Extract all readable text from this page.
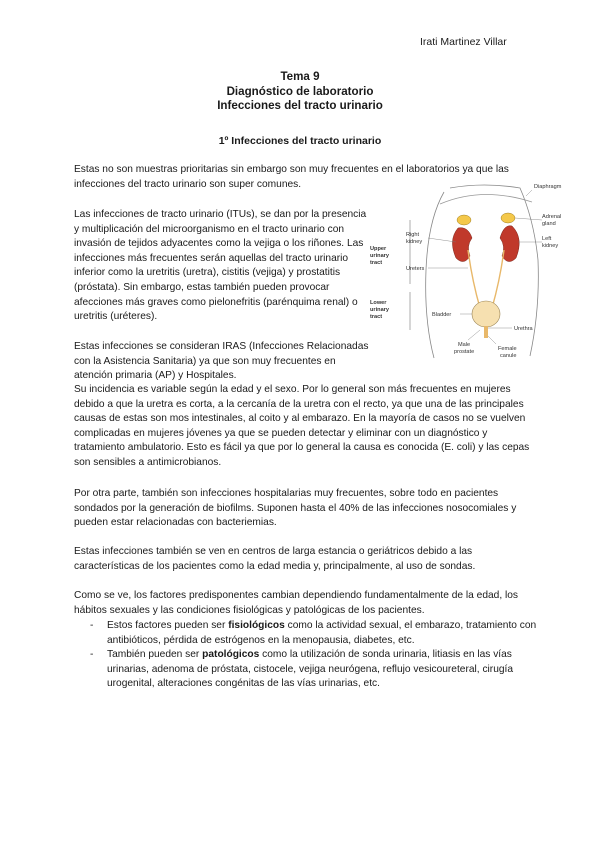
Irati Martinez Villar
Tema 9
Diagnóstico de laboratorio
Infecciones del tracto urinario
1º Infecciones del tracto urinario
Estas no son muestras prioritarias sin embargo son muy frecuentes en el laboratorios ya que las infecciones del tracto urinario son super comunes.
Las infecciones de tracto urinario (ITUs), se dan por la presencia y multiplicación del microorganismo en el tracto urinario con invasión de tejidos adyacentes como la vejiga o los riñones. Las infecciones más frecuentes serán aquellas del tracto urinario inferior como la uretritis (uretra), cistitis (vejiga) y prostatitis (próstata). Sin embargo, estas también pueden provocar afecciones más graves como pielonefritis (parénquima renal) o uretritis (uréteres).
Estas infecciones se consideran IRAS (Infecciones Relacionadas con la Asistencia Sanitaria) ya que son muy frecuentes en atención primaria (AP) y Hospitales.
Su incidencia es variable según la edad y el sexo. Por lo general son más frecuentes en mujeres debido a que la uretra es corta, a la cercanía de la uretra con el recto, ya que una de las principales causas de estas son mos intestinales, al coito y al embarazo. En la mayoría de casos no se vuelven complicadas en mujeres jóvenes ya que se pueden detectar y eliminar con un diagnóstico y tratamiento ambulatorio. Esto es fácil ya que por lo general la causa es conocida (E. coli) y las cepas son sensibles a antimicrobianos.
Por otra parte, también son infecciones hospitalarias muy frecuentes, sobre todo en pacientes sondados por la generación de biofilms. Suponen hasta el 40% de las infecciones nosocomiales y pueden estar relacionadas con bacteriemias.
Estas infecciones también se ven en centros de larga estancia o geriátricos debido a las características de los pacientes como la edad media y, principalmente, al uso de sondas.
Como se ve, los factores predisponentes cambian dependiendo fundamentalmente de la edad, los hábitos sexuales y las condiciones fisiológicas y patológicas de los pacientes.
- Estos factores pueden ser fisiológicos como la actividad sexual, el embarazo, tratamiento con antibióticos, pérdida de estrógenos en la menopausia, diabetes, etc.
- También pueden ser patológicos como la utilización de sonda urinaria, litiasis en las vías urinarias, adenoma de próstata, cistocele, vejiga neurógena, reflujo vesicoureteral, cirugía urogenital, alteraciones congénitas de las vías urinarias, etc.
Upper
urinary
tract
Lower
urinary
tract
Diaphragm
Adrenal
gland
Right
kidney	Left
kidney
Ureters
Bladder
Urethra
Male
prostate	Female
canule
